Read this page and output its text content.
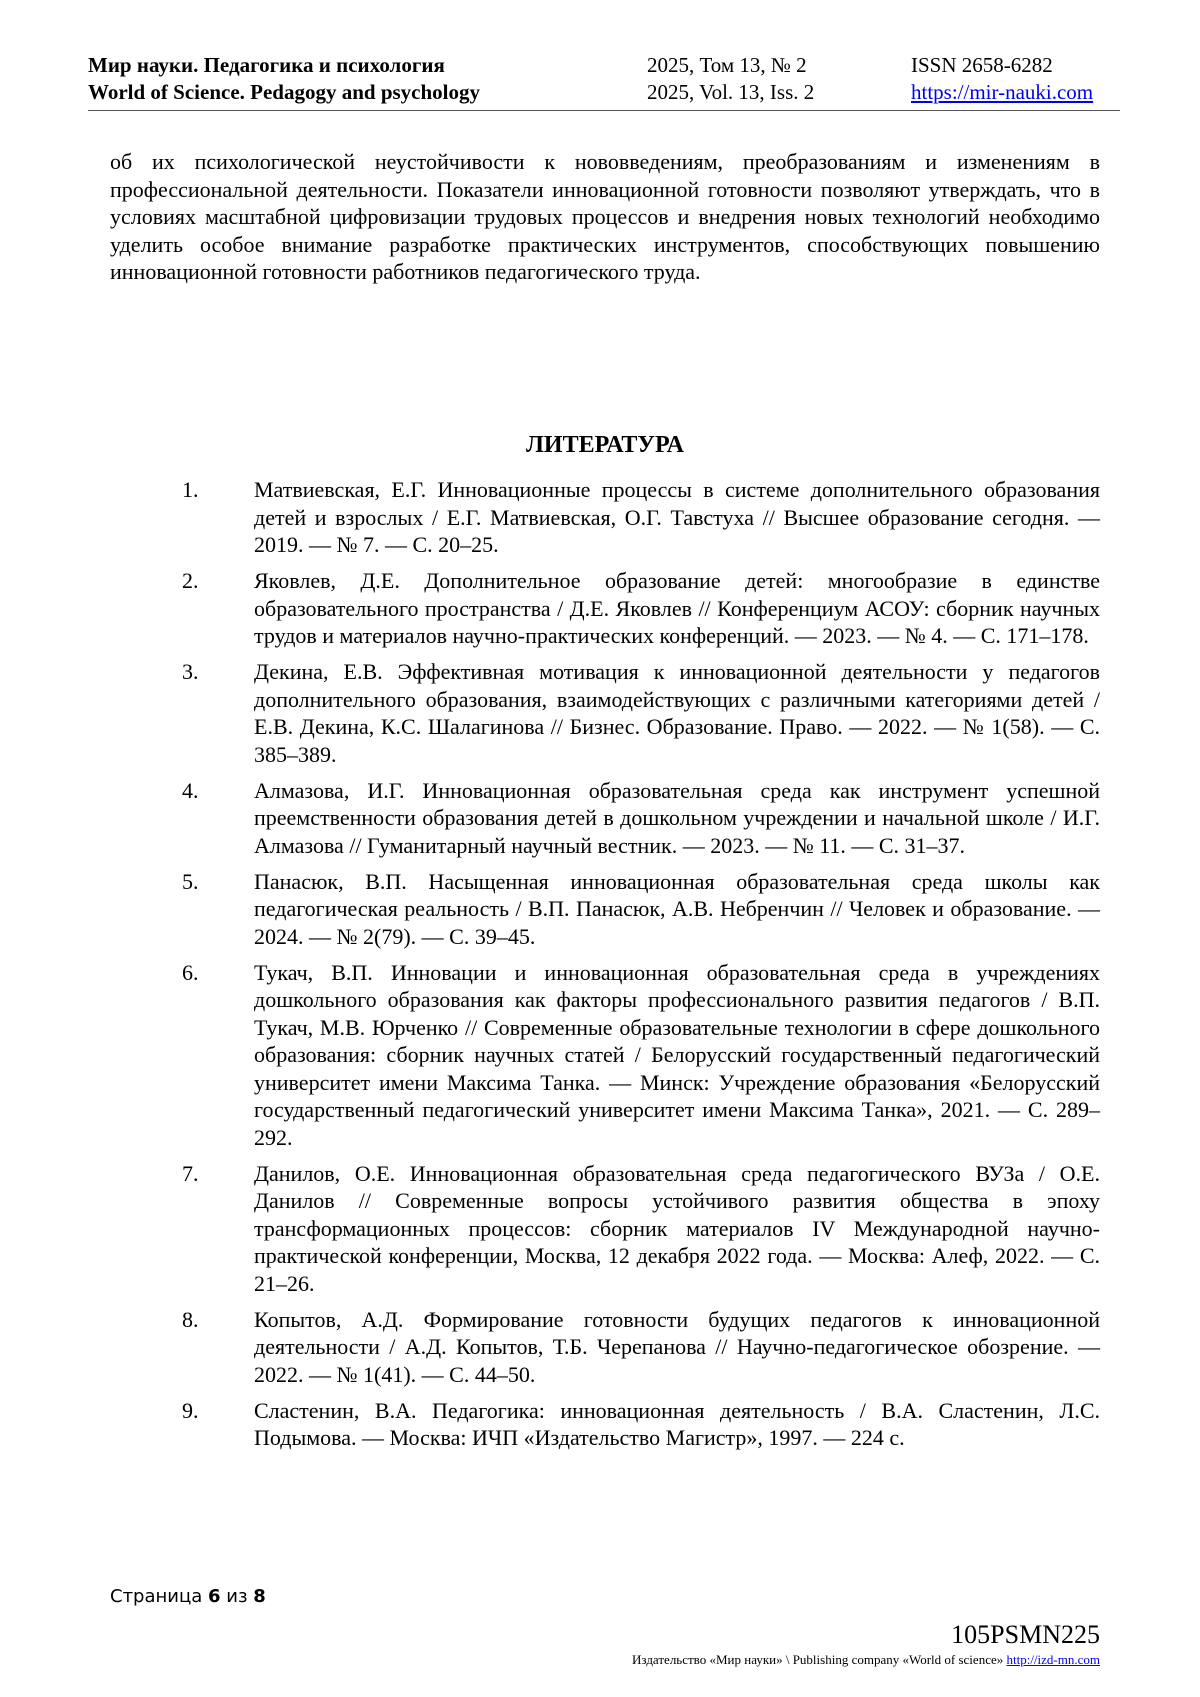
Мир науки. Педагогика и психология
World of Science. Pedagogy and psychology
2025, Том 13, № 2
2025, Vol. 13, Iss. 2
ISSN 2658-6282
https://mir-nauki.com

об их психологической неустойчивости к нововведениям, преобразованиям и изменениям в профессиональной деятельности. Показатели инновационной готовности позволяют утверждать, что в условиях масштабной цифровизации трудовых процессов и внедрения новых технологий необходимо уделить особое внимание разработке практических инструментов, способствующих повышению инновационной готовности работников педагогического труда.

ЛИТЕРАТУРА
1.	Матвиевская, Е.Г. Инновационные процессы в системе дополнительного образования детей и взрослых / Е.Г. Матвиевская, О.Г. Тавстуха // Высшее образование сегодня. — 2019. — № 7. — С. 20–25.
2.	Яковлев, Д.Е. Дополнительное образование детей: многообразие в единстве образовательного пространства / Д.Е. Яковлев // Конференциум АСОУ: сборник научных трудов и материалов научно-практических конференций. — 2023. — № 4. — С. 171–178.
3.	Декина, Е.В. Эффективная мотивация к инновационной деятельности у педагогов дополнительного образования, взаимодействующих с различными категориями детей / Е.В. Декина, К.С. Шалагинова // Бизнес. Образование. Право. — 2022. — № 1(58). — С. 385–389.
4.	Алмазова, И.Г. Инновационная образовательная среда как инструмент успешной преемственности образования детей в дошкольном учреждении и начальной школе / И.Г. Алмазова // Гуманитарный научный вестник. — 2023. — № 11. — С. 31–37.
5.	Панасюк, В.П. Насыщенная инновационная образовательная среда школы как педагогическая реальность / В.П. Панасюк, А.В. Небренчин // Человек и образование. — 2024. — № 2(79). — С. 39–45.
6.	Тукач, В.П. Инновации и инновационная образовательная среда в учреждениях дошкольного образования как факторы профессионального развития педагогов / В.П. Тукач, М.В. Юрченко // Современные образовательные технологии в сфере дошкольного образования: сборник научных статей / Белорусский государственный педагогический университет имени Максима Танка. — Минск: Учреждение образования «Белорусский государственный педагогический университет имени Максима Танка», 2021. — С. 289–292.
7.	Данилов, О.Е. Инновационная образовательная среда педагогического ВУЗа / О.Е. Данилов // Современные вопросы устойчивого развития общества в эпоху трансформационных процессов: сборник материалов IV Международной научно-практической конференции, Москва, 12 декабря 2022 года. — Москва: Алеф, 2022. — С. 21–26.
8.	Копытов, А.Д. Формирование готовности будущих педагогов к инновационной деятельности / А.Д. Копытов, Т.Б. Черепанова // Научно-педагогическое обозрение. — 2022. — № 1(41). — С. 44–50.
9.	Сластенин, В.А. Педагогика: инновационная деятельность / В.А. Сластенин, Л.С. Подымова. — Москва: ИЧП «Издательство Магистр», 1997. — 224 с.
Страница 6 из 8
105PSMN225
Издательство «Мир науки» \ Publishing company «World of science» http://izd-mn.com
